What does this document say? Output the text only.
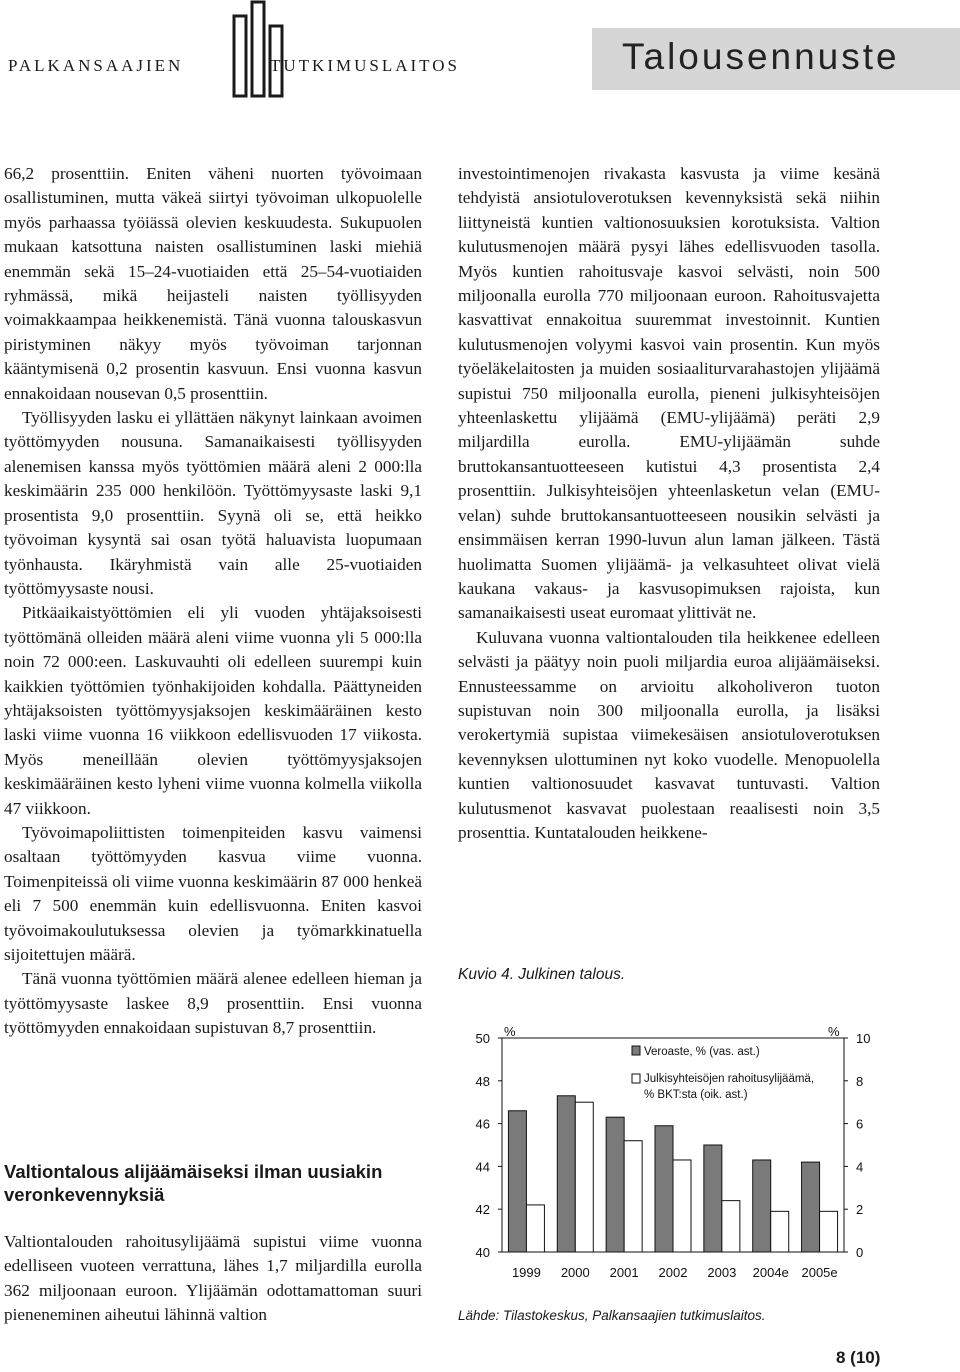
PALKANSAAJIEN	TUTKIMUSLAITOS	Talousennuste

66,2 prosenttiin. Eniten väheni nuorten työvoimaan osallistuminen, mutta väkeä siirtyi työvoiman ulkopuolelle myös parhaassa työiässä olevien keskuudesta. Sukupuolen mukaan katsottuna naisten osallistuminen laski miehiä enemmän sekä 15–24-vuotiaiden että 25–54-vuotiaiden ryhmässä, mikä heijasteli naisten työllisyyden voimakkaampaa heikkenemistä. Tänä vuonna talouskasvun piristyminen näkyy myös työvoiman tarjonnan kääntymisenä 0,2 prosentin kasvuun. Ensi vuonna kasvun ennakoidaan nousevan 0,5 prosenttiin.

Työllisyyden lasku ei yllättäen näkynyt lainkaan avoimen työttömyyden nousuna. Samanaikaisesti työllisyyden alenemisen kanssa myös työttömien määrä aleni 2 000:lla keskimäärin 235 000 henkilöön. Työttömyysaste laski 9,1 prosentista 9,0 prosenttiin. Syynä oli se, että heikko työvoiman kysyntä sai osan työtä haluavista luopumaan työnhausta. Ikäryhmistä vain alle 25-vuotiaiden työttömyysaste nousi.

Pitkäaikaistyöttömien eli yli vuoden yhtäjaksoisesti työttömänä olleiden määrä aleni viime vuonna yli 5 000:lla noin 72 000:een. Laskuvauhti oli edelleen suurempi kuin kaikkien työttömien työnhakijoiden kohdalla. Päättyneiden yhtäjaksoisten työttömyysjaksojen keskimääräinen kesto laski viime vuonna 16 viikkoon edellisvuoden 17 viikosta. Myös meneillään olevien työttömyysjaksojen keskimääräinen kesto lyheni viime vuonna kolmella viikolla 47 viikkoon.

Työvoimapoliittisten toimenpiteiden kasvu vaimensi osaltaan työttömyyden kasvua viime vuonna. Toimenpiteissä oli viime vuonna keskimäärin 87 000 henkeä eli 7 500 enemmän kuin edellisvuonna. Eniten kasvoi työvoimakoulutuksessa olevien ja työmarkkinatuella sijoitettujen määrä.

Tänä vuonna työttömien määrä alenee edelleen hieman ja työttömyysaste laskee 8,9 prosenttiin. Ensi vuonna työttömyyden ennakoidaan supistuvan 8,7 prosenttiin.

Valtiontalous alijäämäiseksi ilman uusiakin veronkevennyksiä

Valtiontalouden rahoitusylijäämä supistui viime vuonna edelliseen vuoteen verrattuna, lähes 1,7 miljardilla eurolla 362 miljoonaan euroon. Ylijäämän odottamattoman suuri pieneneminen aiheutui lähinnä valtion

investointimenojen rivakasta kasvusta ja viime kesänä tehdyistä ansiotuloverotuksen kevennyksistä sekä niihin liittyneistä kuntien valtionosuuksien korotuksista. Valtion kulutusmenojen määrä pysyi lähes edellisvuoden tasolla. Myös kuntien rahoitusvaje kasvoi selvästi, noin 500 miljoonalla eurolla 770 miljoonaan euroon. Rahoitusvajetta kasvattivat ennakoitua suuremmat investoinnit. Kuntien kulutusmenojen volyymi kasvoi vain prosentin. Kun myös työeläkelaitosten ja muiden sosiaaliturvarahastojen ylijäämä supistui 750 miljoonalla eurolla, pieneni julkisyhteisöjen yhteenlaskettu ylijäämä (EMU-ylijäämä) peräti 2,9 miljardilla eurolla. EMU-ylijäämän suhde bruttokansantuotteeseen kutistui 4,3 prosentista 2,4 prosenttiin. Julkisyhteisöjen yhteenlasketun velan (EMU-velan) suhde bruttokansantuotteeseen nousikin selvästi ja ensimmäisen kerran 1990-luvun alun laman jälkeen. Tästä huolimatta Suomen ylijäämä- ja velkasuhteet olivat vielä kaukana vakaus- ja kasvusopimuksen rajoista, kun samanaikaisesti useat euromaat ylittivät ne.

Kuluvana vuonna valtiontalouden tila heikkenee edelleen selvästi ja päätyy noin puoli miljardia euroa alijäämäiseksi. Ennusteessamme on arvioitu alkoholiveron tuoton supistuvan noin 300 miljoonalla eurolla, ja lisäksi verokertymiä supistaa viimekesäisen ansiotuloverotuksen kevennyksen ulottuminen nyt koko vuodelle. Menopuolella kuntien valtionosuudet kasvavat tuntuvasti. Valtion kulutusmenot kasvavat puolestaan reaalisesti noin 3,5 prosenttia. Kuntatalouden heikkene-

Kuvio 4. Julkinen talous.
40
42
44
46
48
50
0
2
4
6
8
10
%	%
1999 2000 2001 2002 2003 2004e 2005e
Veroaste, % (vas. ast.)
Julkisyhteisöjen rahoitusylijäämä,
% BKT:sta (oik. ast.)
Lähde: Tilastokeskus, Palkansaajien tutkimuslaitos.
8 (10)
